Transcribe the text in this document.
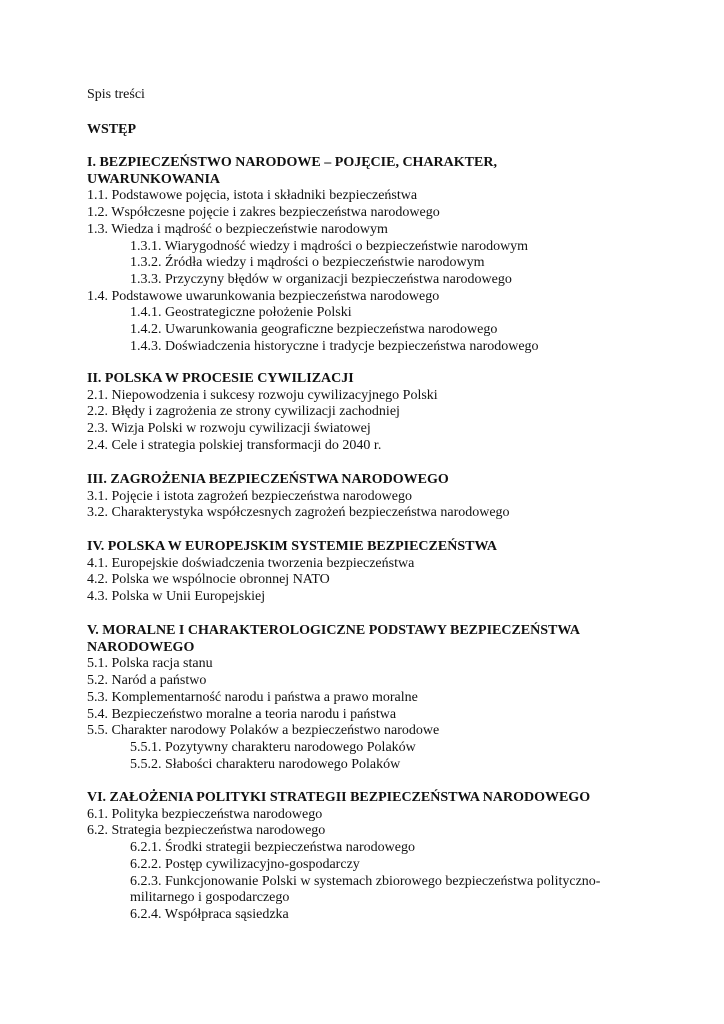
Spis treści
WSTĘP
I. BEZPIECZEŃSTWO NARODOWE – POJĘCIE, CHARAKTER,
UWARUNKOWANIA
1.1. Podstawowe pojęcia, istota i składniki bezpieczeństwa
1.2. Współczesne pojęcie i zakres bezpieczeństwa narodowego
1.3. Wiedza i mądrość o bezpieczeństwie narodowym
1.3.1. Wiarygodność wiedzy i mądrości o bezpieczeństwie narodowym
1.3.2. Źródła wiedzy i mądrości o bezpieczeństwie narodowym
1.3.3. Przyczyny błędów w organizacji bezpieczeństwa narodowego
1.4. Podstawowe uwarunkowania bezpieczeństwa narodowego
1.4.1. Geostrategiczne położenie Polski
1.4.2. Uwarunkowania geograficzne bezpieczeństwa narodowego
1.4.3. Doświadczenia historyczne i tradycje bezpieczeństwa narodowego
II. POLSKA W PROCESIE CYWILIZACJI
2.1. Niepowodzenia i sukcesy rozwoju cywilizacyjnego Polski
2.2. Błędy i zagrożenia ze strony cywilizacji zachodniej
2.3. Wizja Polski w rozwoju cywilizacji światowej
2.4. Cele i strategia polskiej transformacji do 2040 r.
III. ZAGROŻENIA BEZPIECZEŃSTWA NARODOWEGO
3.1. Pojęcie i istota zagrożeń bezpieczeństwa narodowego
3.2. Charakterystyka współczesnych zagrożeń bezpieczeństwa narodowego
IV. POLSKA W EUROPEJSKIM SYSTEMIE BEZPIECZEŃSTWA
4.1. Europejskie doświadczenia tworzenia bezpieczeństwa
4.2. Polska we wspólnocie obronnej NATO
4.3. Polska w Unii Europejskiej
V. MORALNE I CHARAKTEROLOGICZNE PODSTAWY BEZPIECZEŃSTWA
NARODOWEGO
5.1. Polska racja stanu
5.2. Naród a państwo
5.3. Komplementarność narodu i państwa a prawo moralne
5.4. Bezpieczeństwo moralne a teoria narodu i państwa
5.5. Charakter narodowy Polaków a bezpieczeństwo narodowe
5.5.1. Pozytywny charakteru narodowego Polaków
5.5.2. Słabości charakteru narodowego Polaków
VI. ZAŁOŻENIA POLITYKI STRATEGII BEZPIECZEŃSTWA NARODOWEGO
6.1. Polityka bezpieczeństwa narodowego
6.2. Strategia bezpieczeństwa narodowego
6.2.1. Środki strategii bezpieczeństwa narodowego
6.2.2. Postęp cywilizacyjno-gospodarczy
6.2.3. Funkcjonowanie Polski w systemach zbiorowego bezpieczeństwa polityczno-
militarnego i gospodarczego
6.2.4. Współpraca sąsiedzka
